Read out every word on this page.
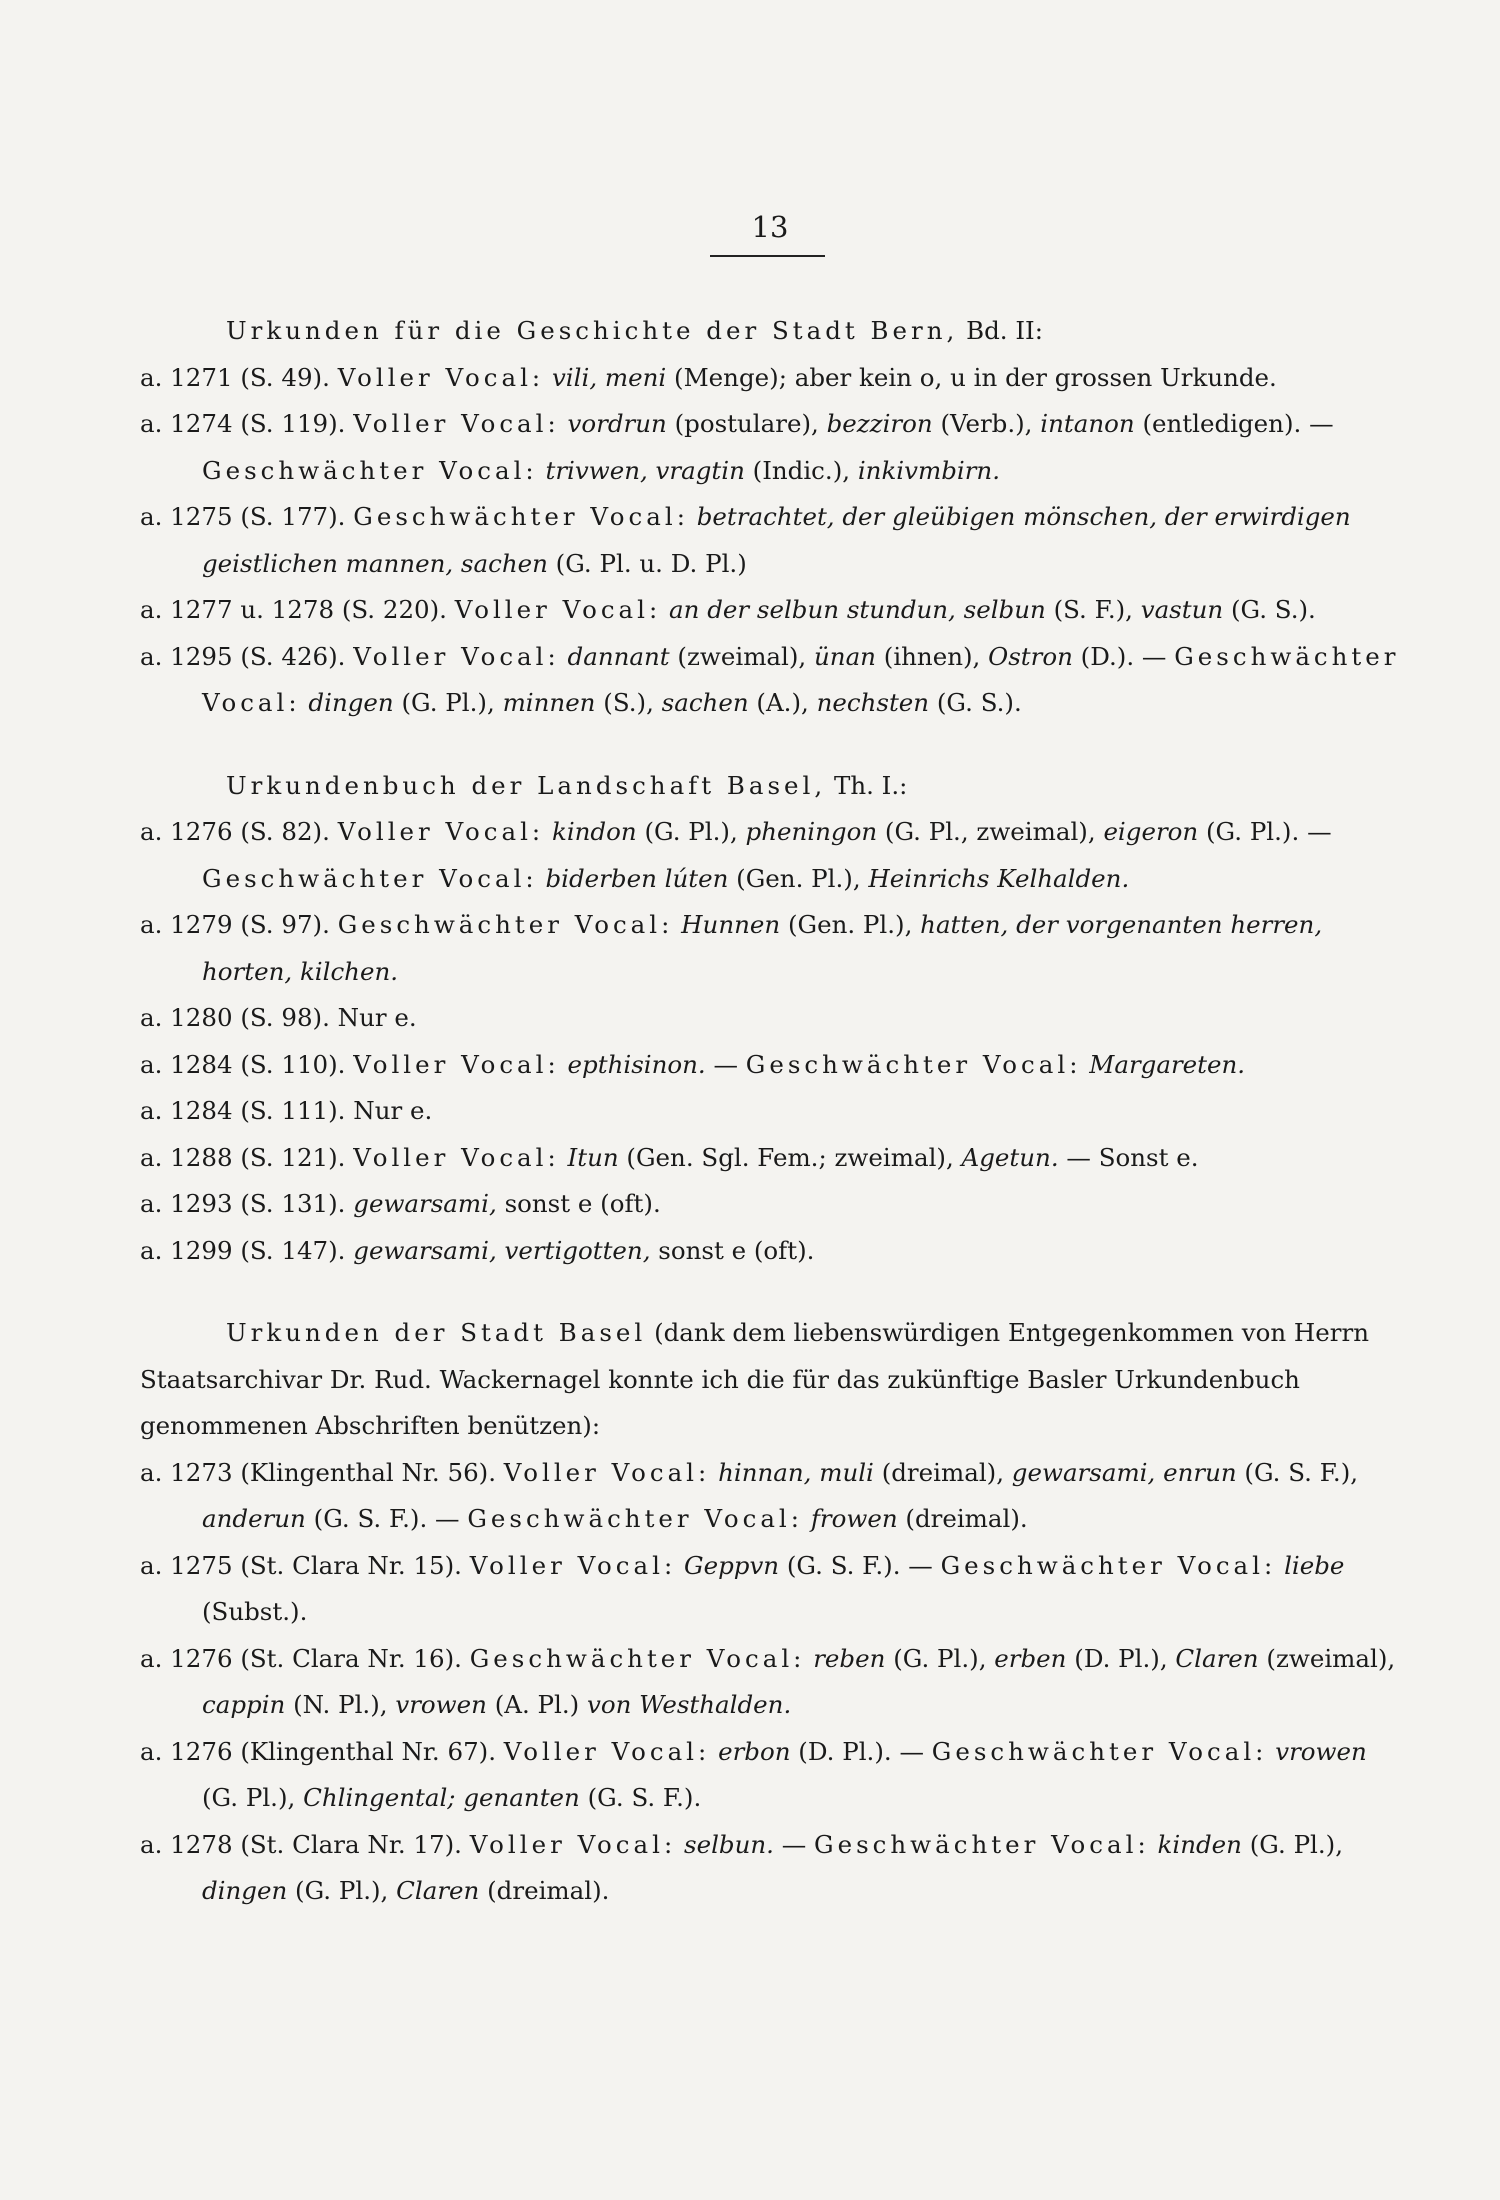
13
Urkunden für die Geschichte der Stadt Bern, Bd. II:
a. 1271 (S. 49). Voller Vocal: vili, meni (Menge); aber kein o, u in der grossen Urkunde.
a. 1274 (S. 119). Voller Vocal: vordrun (postulare), bezziron (Verb.), intanon (entledigen). — Geschwächter Vocal: trivwen, vragtin (Indic.), inkivmbirn.
a. 1275 (S. 177). Geschwächter Vocal: betrachtet, der gleübigen mönschen, der erwirdigen geistlichen mannen, sachen (G. Pl. u. D. Pl.)
a. 1277 u. 1278 (S. 220). Voller Vocal: an der selbun stundun, selbun (S. F.), vastun (G. S.).
a. 1295 (S. 426). Voller Vocal: dannant (zweimal), ünan (ihnen), Ostron (D.). — Geschwächter Vocal: dingen (G. Pl.), minnen (S.), sachen (A.), nechsten (G. S.).
Urkundenbuch der Landschaft Basel, Th. I.:
a. 1276 (S. 82). Voller Vocal: kindon (G. Pl.), pheningon (G. Pl., zweimal), eigeron (G. Pl.). — Geschwächter Vocal: biderben lúten (Gen. Pl.), Heinrichs Kelhalden.
a. 1279 (S. 97). Geschwächter Vocal: Hunnen (Gen. Pl.), hatten, der vorgenanten herren, horten, kilchen.
a. 1280 (S. 98). Nur e.
a. 1284 (S. 110). Voller Vocal: epthisinon. — Geschwächter Vocal: Margareten.
a. 1284 (S. 111). Nur e.
a. 1288 (S. 121). Voller Vocal: Itun (Gen. Sgl. Fem.; zweimal), Agetun. — Sonst e.
a. 1293 (S. 131). gewarsami, sonst e (oft).
a. 1299 (S. 147). gewarsami, vertigotten, sonst e (oft).
Urkunden der Stadt Basel (dank dem liebenswürdigen Entgegenkommen von Herrn Staatsarchivar Dr. Rud. Wackernagel konnte ich die für das zukünftige Basler Urkundenbuch genommenen Abschriften benützen):
a. 1273 (Klingenthal Nr. 56). Voller Vocal: hinnan, muli (dreimal), gewarsami, enrun (G. S. F.), anderun (G. S. F.). — Geschwächter Vocal: frowen (dreimal).
a. 1275 (St. Clara Nr. 15). Voller Vocal: Geppvn (G. S. F.). — Geschwächter Vocal: liebe (Subst.).
a. 1276 (St. Clara Nr. 16). Geschwächter Vocal: reben (G. Pl.), erben (D. Pl.), Claren (zweimal), cappin (N. Pl.), vrowen (A. Pl.) von Westhalden.
a. 1276 (Klingenthal Nr. 67). Voller Vocal: erbon (D. Pl.). — Geschwächter Vocal: vrowen (G. Pl.), Chlingental; genanten (G. S. F.).
a. 1278 (St. Clara Nr. 17). Voller Vocal: selbun. — Geschwächter Vocal: kinden (G. Pl.), dingen (G. Pl.), Claren (dreimal).
